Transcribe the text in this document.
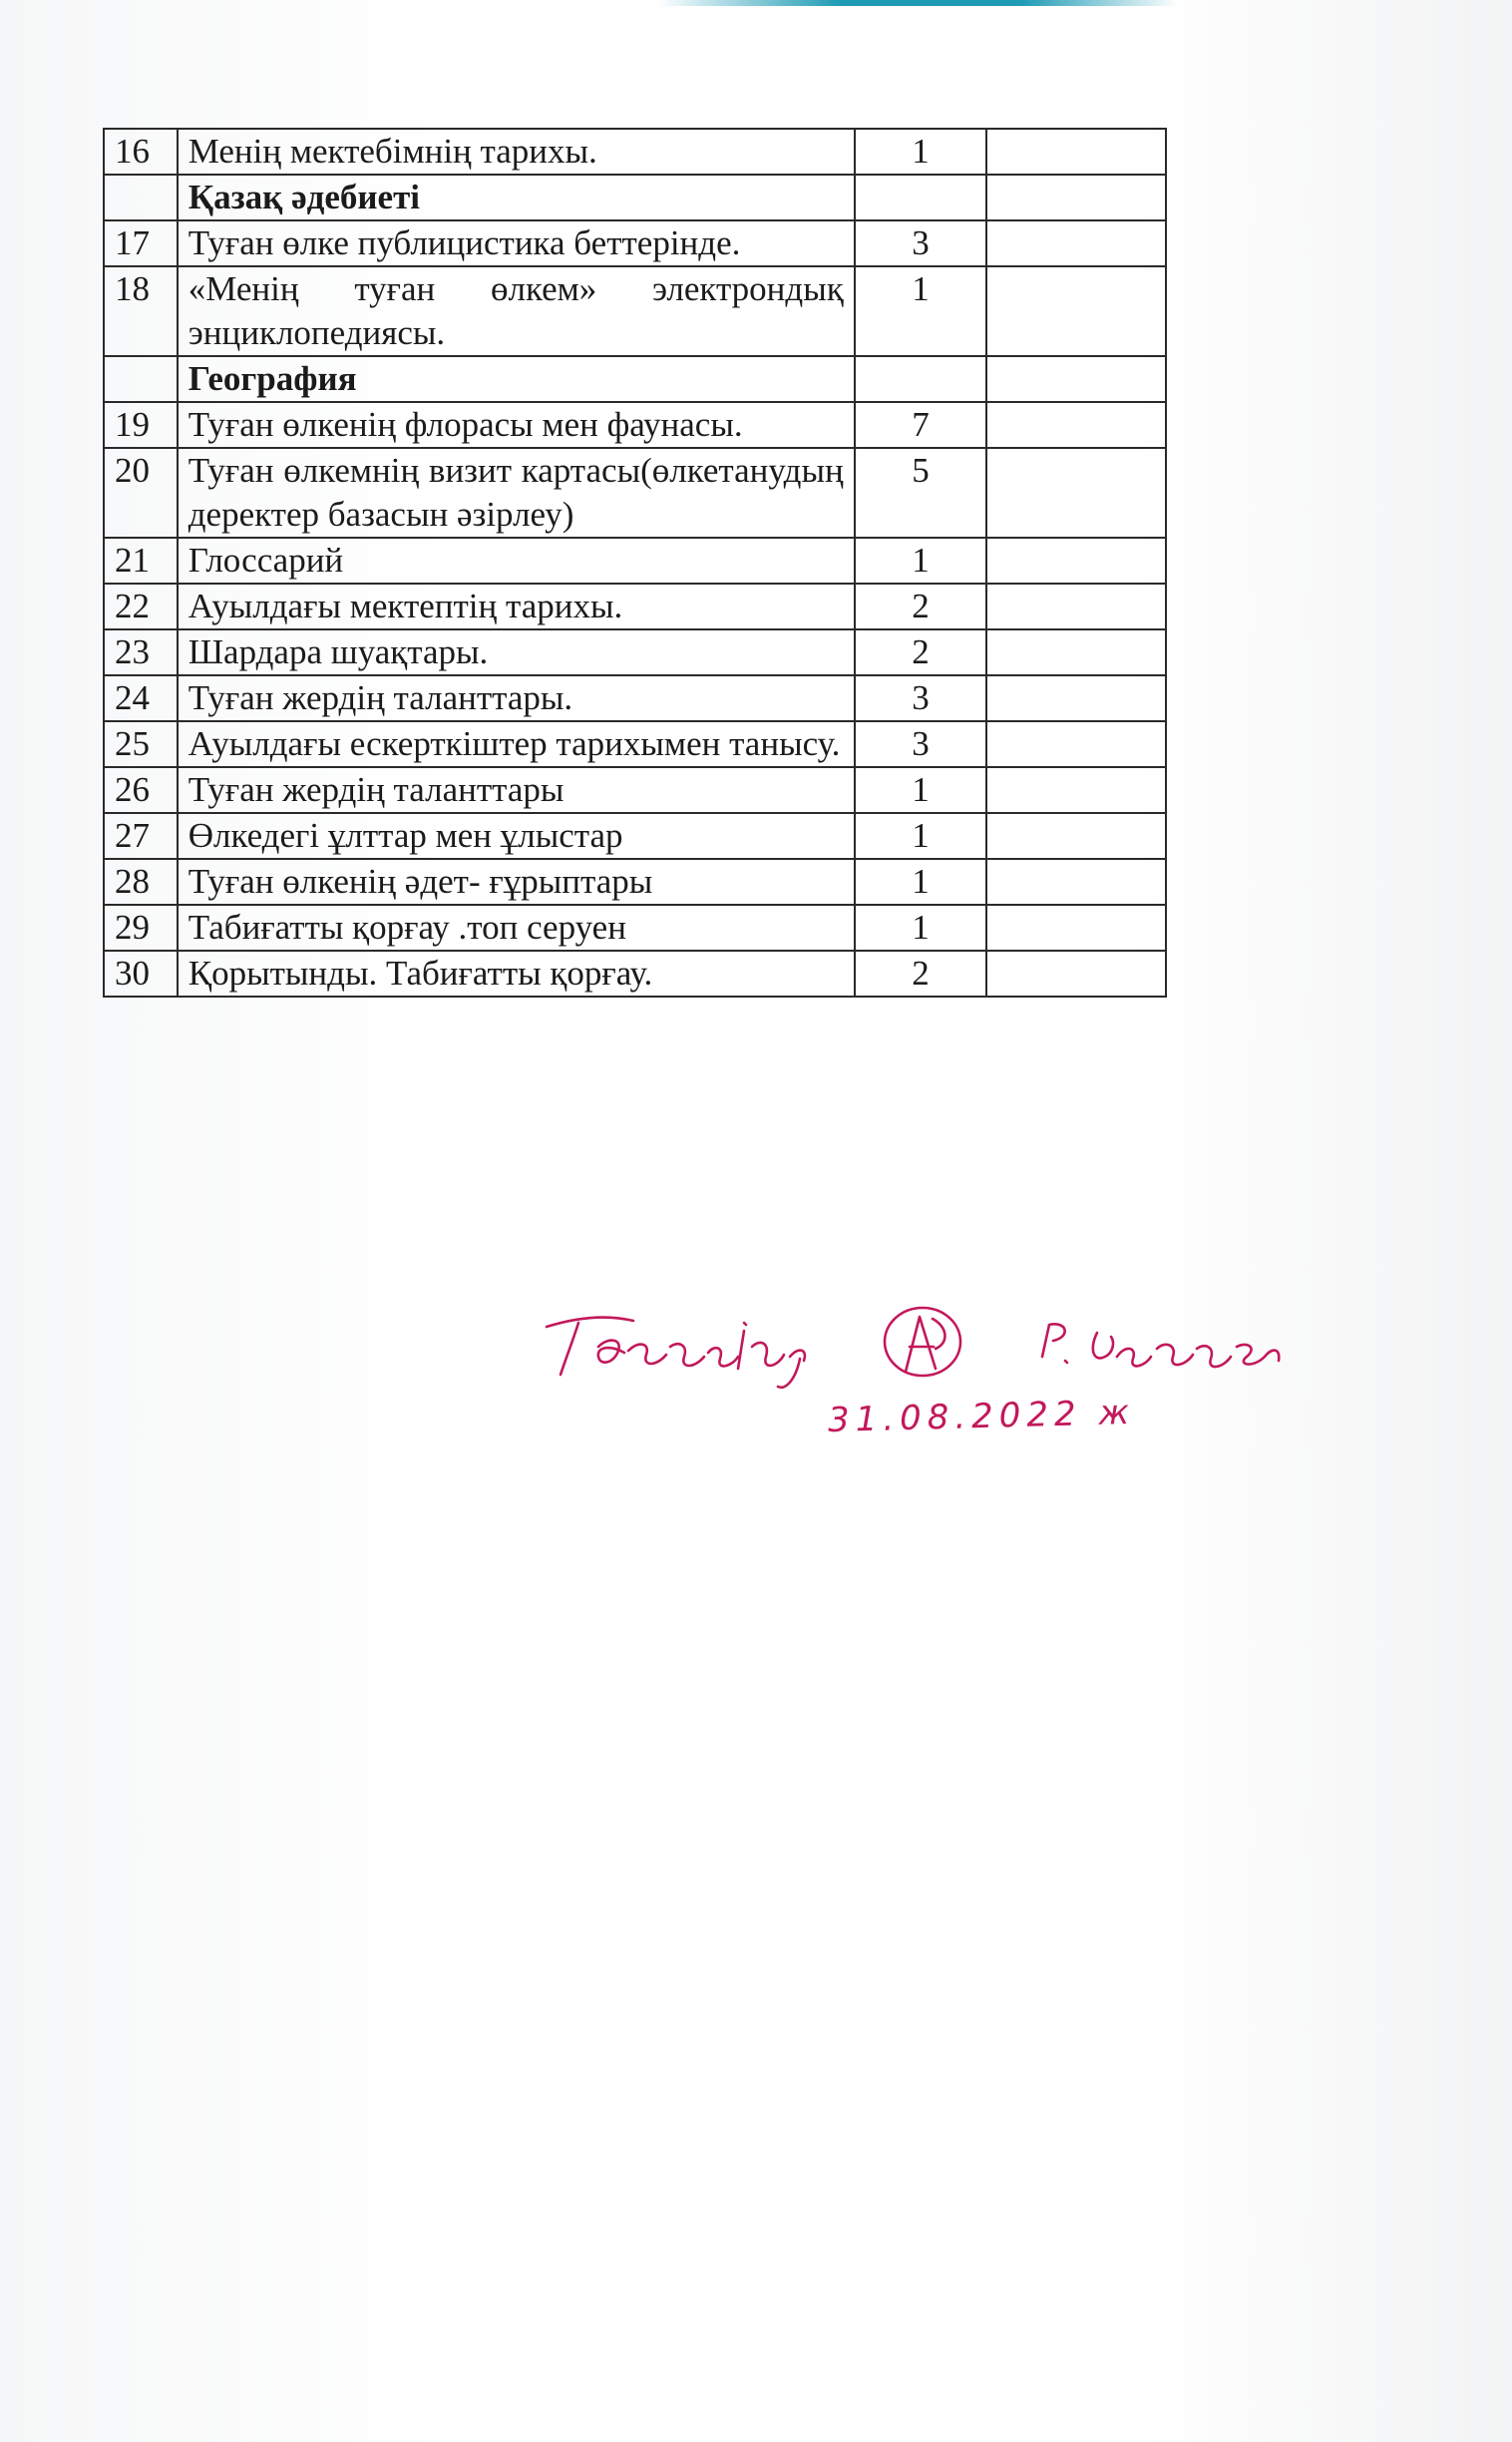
16	Менің мектебімнің тарихы.	1	
	Қазақ әдебиеті		
17	Туған өлке публицистика беттерінде.	3	
18	«Менің туған өлкем» электрондық энциклопедиясы.	1	
	География		
19	Туған өлкенің флорасы мен фаунасы.	7	
20	Туған өлкемнің визит картасы(өлкетанудың деректер базасын әзірлеу)	5	
21	Глоссарий	1	
22	Ауылдағы мектептің тарихы.	2	
23	Шардара шуақтары.	2	
24	Туған жердің таланттары.	3	
25	Ауылдағы ескерткіштер тарихымен танысу.	3	
26	Туған жердің таланттары	1	
27	Өлкедегі ұлттар мен ұлыстар	1	
28	Туған өлкенің әдет- ғұрыптары	1	
29	Табиғатты қорғау .топ серуен	1	
30	Қорытынды. Табиғатты қорғау.	2	
31.08.2022 ж
